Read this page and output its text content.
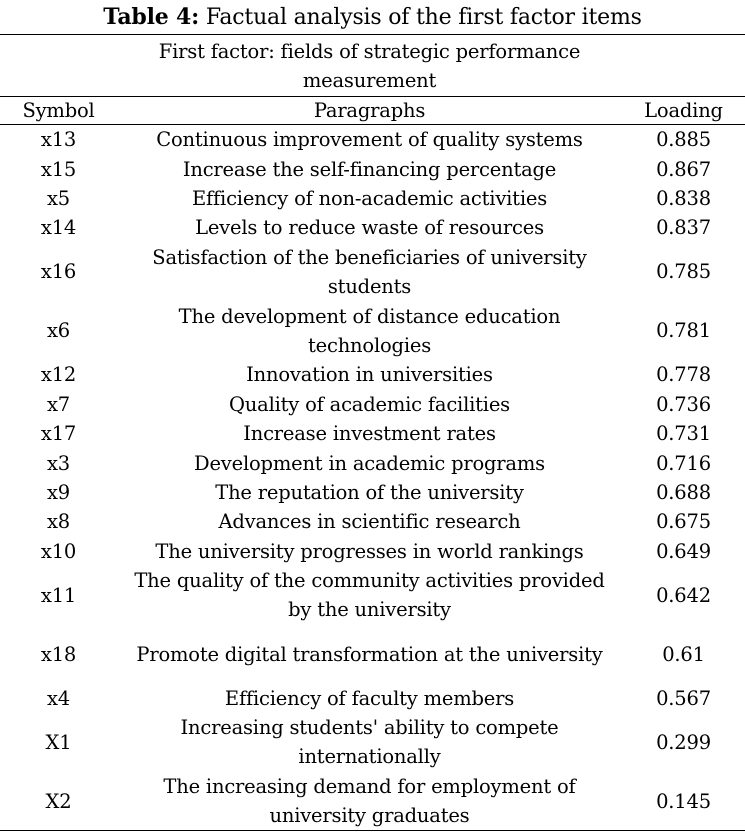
Table 4: Factual analysis of the first factor items
	First factor: fields of strategic performance measurement	
Symbol	Paragraphs	Loading
x13	Continuous improvement of quality systems	0.885
x15	Increase the self-financing percentage	0.867
x5	Efficiency of non-academic activities	0.838
x14	Levels to reduce waste of resources	0.837
x16	Satisfaction of the beneficiaries of university students	0.785
x6	The development of distance education technologies	0.781
x12	Innovation in universities	0.778
x7	Quality of academic facilities	0.736
x17	Increase investment rates	0.731
x3	Development in academic programs	0.716
x9	The reputation of the university	0.688
x8	Advances in scientific research	0.675
x10	The university progresses in world rankings	0.649
x11	The quality of the community activities provided by the university	0.642
x18	Promote digital transformation at the university	0.61
x4	Efficiency of faculty members	0.567
X1	Increasing students' ability to compete internationally	0.299
X2	The increasing demand for employment of university graduates	0.145
